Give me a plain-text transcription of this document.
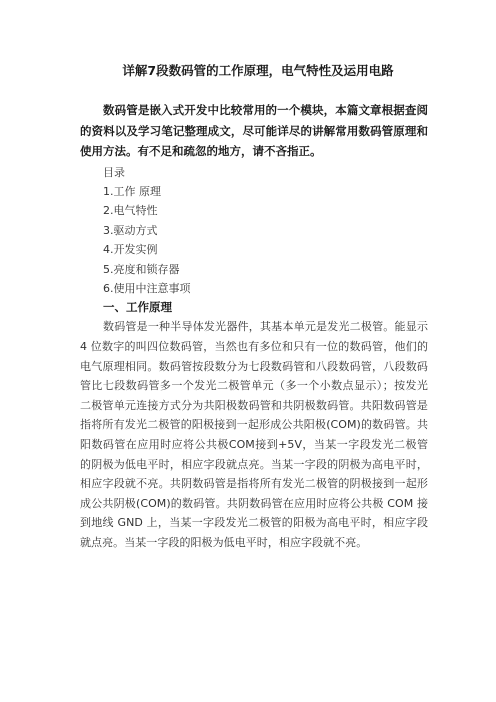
详解7段数码管的工作原理，电气特性及运用电路

数码管是嵌入式开发中比较常用的一个模块，本篇文章根据查阅的资料以及学习笔记整理成文，尽可能详尽的讲解常用数码管原理和使用方法。有不足和疏忽的地方，请不吝指正。

目录

1.工作 原理

2.电气特性

3.驱动方式

4.开发实例

5.亮度和锁存器

6.使用中注意事项

一、工作原理

数码管是一种半导体发光器件，其基本单元是发光二极管。能显示 4 位数字的叫四位数码管，当然也有多位和只有一位的数码管，他们的电气原理相同。数码管按段数分为七段数码管和八段数码管，八段数码管比七段数码管多一个发光二极管单元（多一个小数点显示）；按发光二极管单元连接方式分为共阳极数码管和共阴极数码管。共阳数码管是指将所有发光二极管的阳极接到一起形成公共阳极(COM)的数码管。共阳数码管在应用时应将公共极COM接到+5V，当某一字段发光二极管的阴极为低电平时，相应字段就点亮。当某一字段的阴极为高电平时，相应字段就不亮。共阴数码管是指将所有发光二极管的阴极接到一起形成公共阴极(COM)的数码管。共阴数码管在应用时应将公共极 COM 接到地线 GND 上，当某一字段发光二极管的阳极为高电平时，相应字段就点亮。当某一字段的阳极为低电平时，相应字段就不亮。
